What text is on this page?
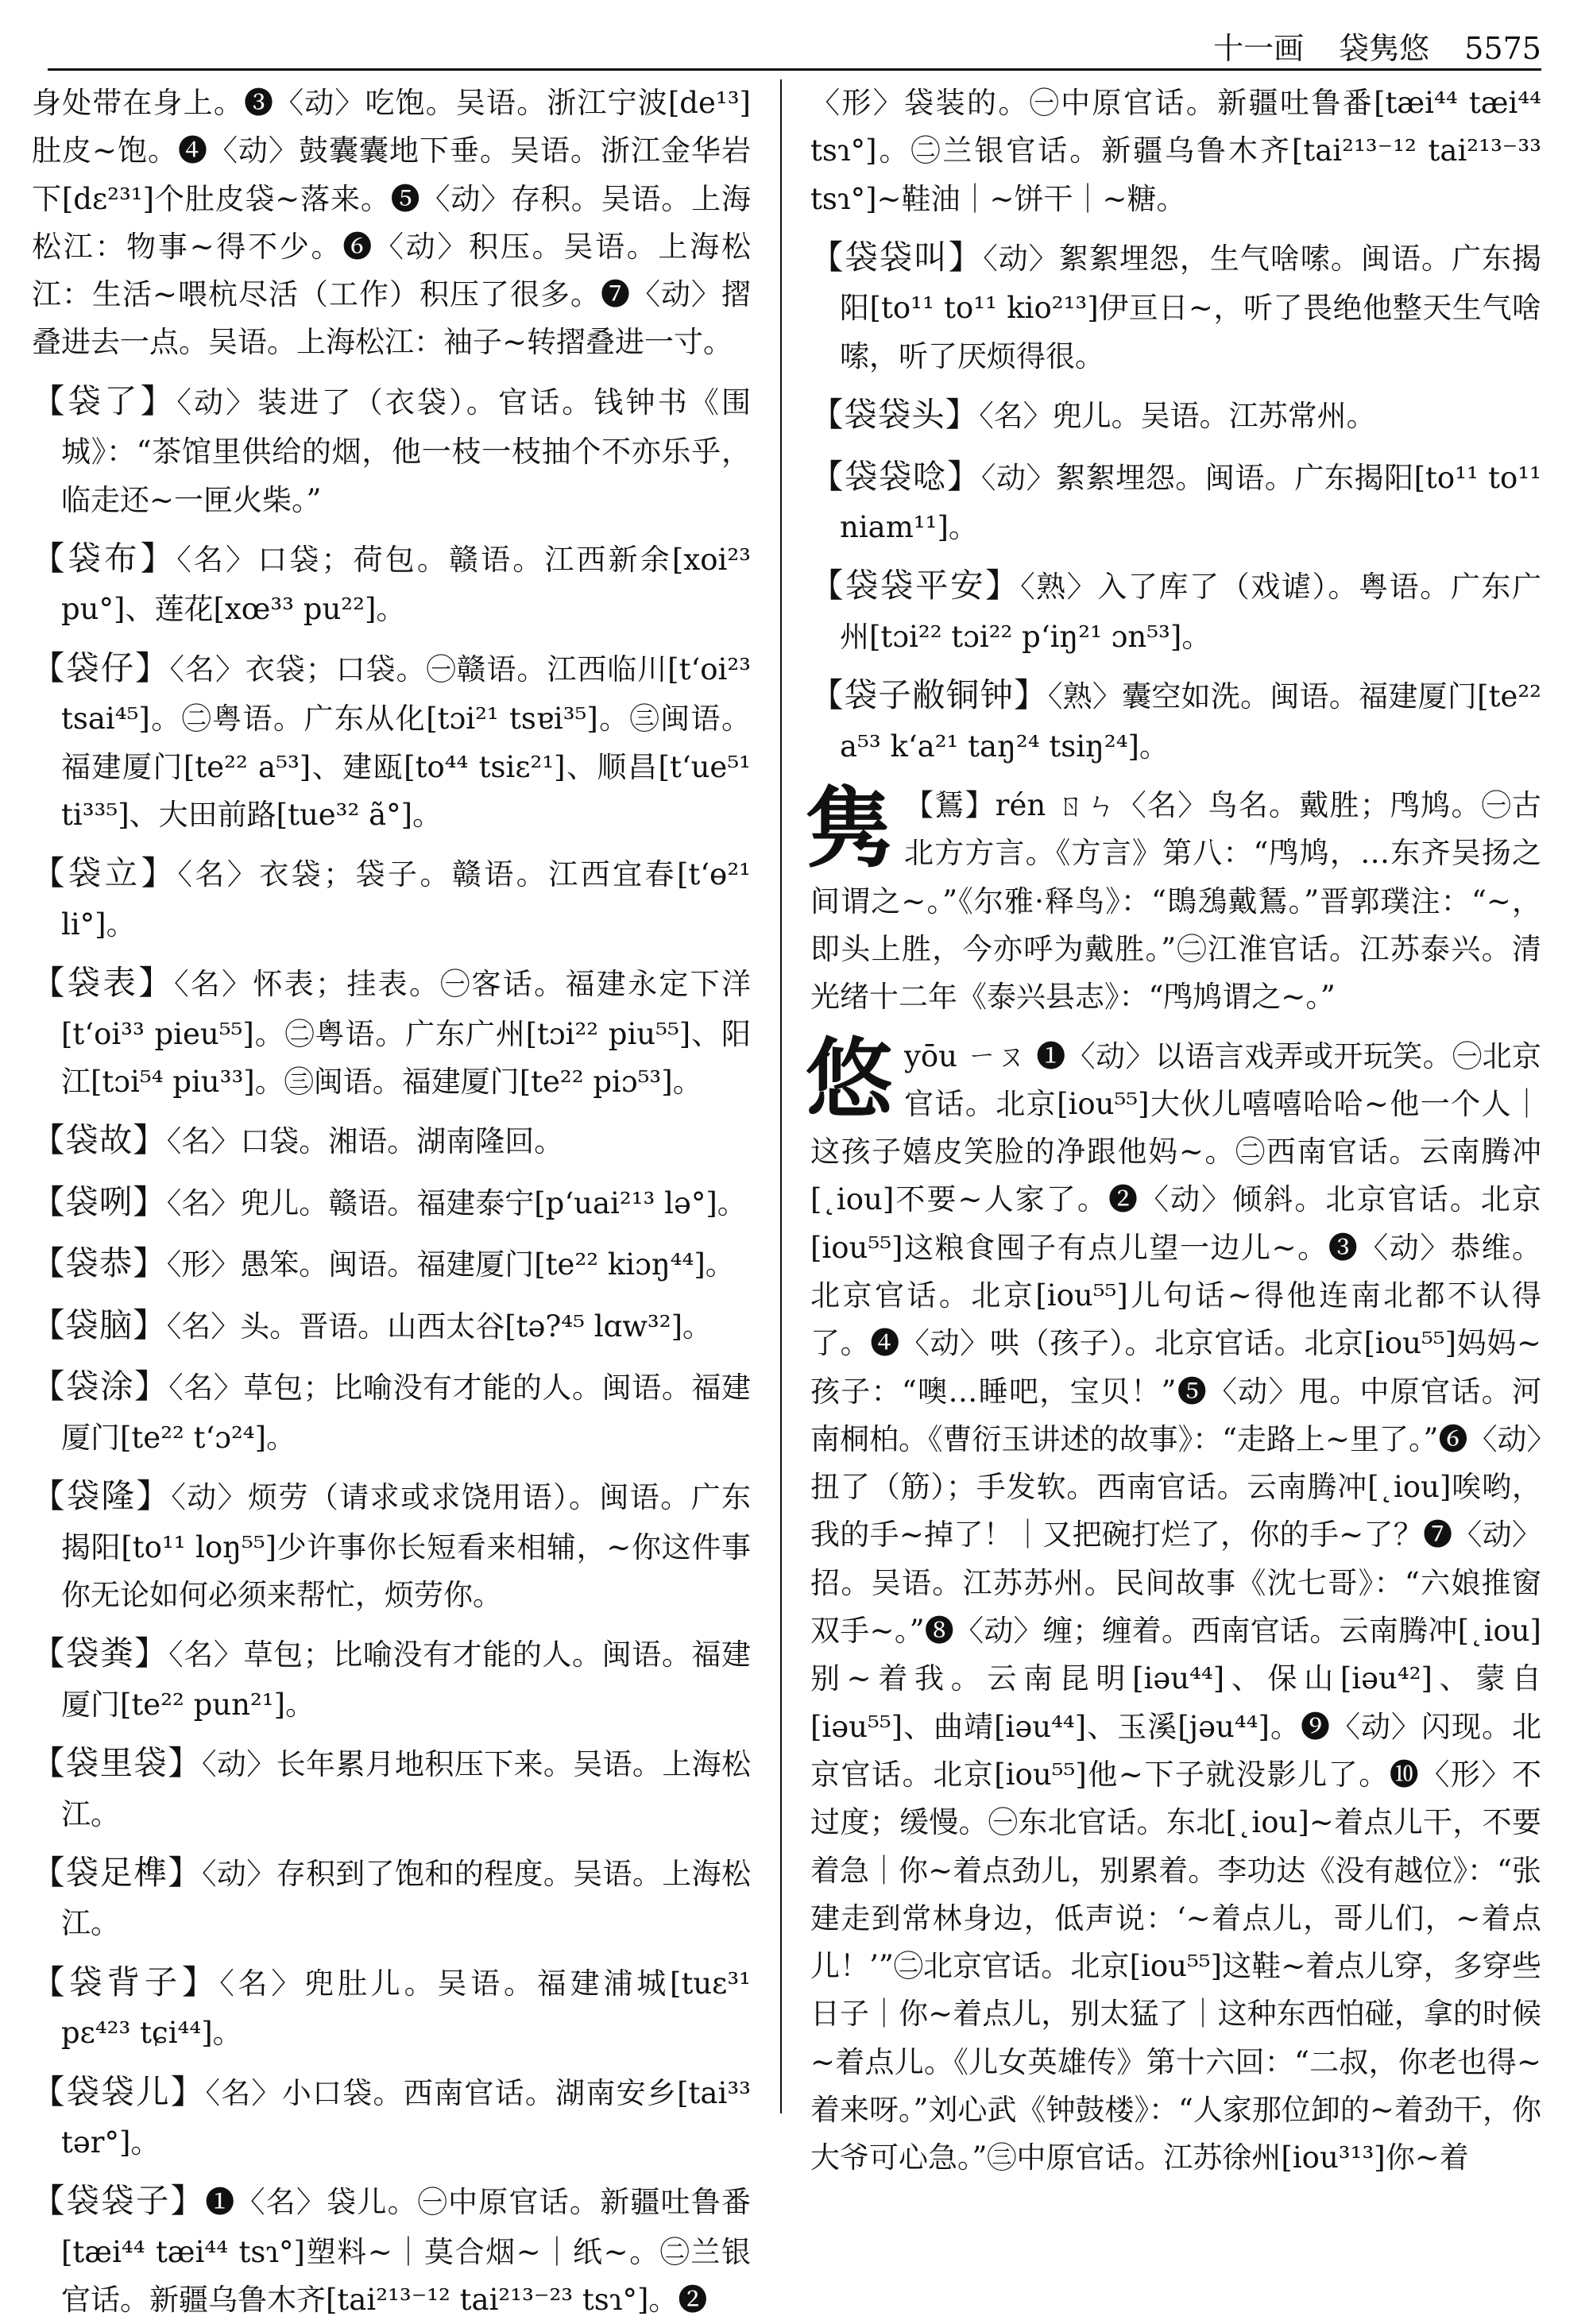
十一画 袋隽悠 5575

身处带在身上。❸〈动〉吃饱。吴语。浙江宁波[de¹³]肚皮~饱。❹〈动〉鼓囊囊地下垂。吴语。浙江金华岩下[dɛ²³¹]个肚皮袋~落来。❺〈动〉存积。吴语。上海松江：物事~得不少。❻〈动〉积压。吴语。上海松江：生活~喂杭尽活（工作）积压了很多。❼〈动〉摺叠进去一点。吴语。上海松江：袖子~转摺叠进一寸。

【袋了】〈动〉装进了（衣袋）。官话。钱钟书《围城》：“茶馆里供给的烟，他一枝一枝抽个不亦乐乎，临走还~一匣火柴。”

【袋布】〈名〉口袋；荷包。赣语。江西新余[xoi²³ pu°]、莲花[xœ³³ pu²²]。

【袋仔】〈名〉衣袋；口袋。㊀赣语。江西临川[t‘oi²³ tsai⁴⁵]。㊁粤语。广东从化[tɔi²¹ tsɐi³⁵]。㊂闽语。福建厦门[te²² a⁵³]、建瓯[to⁴⁴ tsiɛ²¹]、顺昌[t‘ue⁵¹ ti³³⁵]、大田前路[tue³² ã°]。

【袋立】〈名〉衣袋；袋子。赣语。江西宜春[t‘ɵ²¹ li°]。

【袋表】〈名〉怀表；挂表。㊀客话。福建永定下洋[t‘oi³³ pieu⁵⁵]。㊁粤语。广东广州[tɔi²² piu⁵⁵]、阳江[tɔi⁵⁴ piu³³]。㊂闽语。福建厦门[te²² piɔ⁵³]。

【袋故】〈名〉口袋。湘语。湖南隆回。

【袋咧】〈名〉兜儿。赣语。福建泰宁[p‘uai²¹³ lə°]。

【袋恭】〈形〉愚笨。闽语。福建厦门[te²² kiɔŋ⁴⁴]。

【袋脑】〈名〉头。晋语。山西太谷[tə?⁴⁵ lɑw³²]。

【袋涂】〈名〉草包；比喻没有才能的人。闽语。福建厦门[te²² t‘ɔ²⁴]。

【袋隆】〈动〉烦劳（请求或求饶用语）。闽语。广东揭阳[to¹¹ loŋ⁵⁵]少许事你长短看来相辅，~你这件事你无论如何必须来帮忙，烦劳你。

【袋粪】〈名〉草包；比喻没有才能的人。闽语。福建厦门[te²² pun²¹]。

【袋里袋】〈动〉长年累月地积压下来。吴语。上海松江。

【袋足榫】〈动〉存积到了饱和的程度。吴语。上海松江。

【袋背子】〈名〉兜肚儿。吴语。福建浦城[tuɛ³¹ pɛ⁴²³ tɕi⁴⁴]。

【袋袋儿】〈名〉小口袋。西南官话。湖南安乡[tai³³ tər°]。

【袋袋子】❶〈名〉袋儿。㊀中原官话。新疆吐鲁番[tæi⁴⁴ tæi⁴⁴ tsɿ°]塑料~｜莫合烟~｜纸~。㊁兰银官话。新疆乌鲁木齐[tai²¹³⁻¹² tai²¹³⁻²³ tsɿ°]。❷

〈形〉袋装的。㊀中原官话。新疆吐鲁番[tæi⁴⁴ tæi⁴⁴ tsɿ°]。㊁兰银官话。新疆乌鲁木齐[tai²¹³⁻¹² tai²¹³⁻³³ tsɿ°]~鞋油｜~饼干｜~糖。

【袋袋叫】〈动〉絮絮埋怨，生气啥嗦。闽语。广东揭阳[to¹¹ to¹¹ kio²¹³]伊亘日~，听了畏绝他整天生气啥嗦，听了厌烦得很。

【袋袋头】〈名〉兜儿。吴语。江苏常州。

【袋袋唸】〈动〉絮絮埋怨。闽语。广东揭阳[to¹¹ to¹¹ niam¹¹]。

【袋袋平安】〈熟〉入了库了（戏谑）。粤语。广东广州[tɔi²² tɔi²² p‘iŋ²¹ ɔn⁵³]。

【袋子敝铜钟】〈熟〉囊空如洗。闽语。福建厦门[te²² a⁵³ k‘a²¹ taŋ²⁴ tsiŋ²⁴]。

隽 【鵟】rén ㄖㄣ〈名〉鸟名。戴胜；鸤鸠。㊀古北方方言。《方言》第八：“鸤鸠，…东齐吴扬之间谓之~。”《尔雅·释鸟》：“鵖鴔戴鵟。”晋郭璞注：“~，即头上胜，今亦呼为戴胜。”㊁江淮官话。江苏泰兴。清光绪十二年《泰兴县志》：“鸤鸠谓之~。”
悠 yōu ㄧㄡ ❶〈动〉以语言戏弄或开玩笑。㊀北京官话。北京[iou⁵⁵]大伙儿嘻嘻哈哈~他一个人｜这孩子嬉皮笑脸的净跟他妈~。㊁西南官话。云南腾冲[˛iou]不要~人家了。❷〈动〉倾斜。北京官话。北京[iou⁵⁵]这粮食囤子有点儿望一边儿~。❸〈动〉恭维。北京官话。北京[iou⁵⁵]儿句话~得他连南北都不认得了。❹〈动〉哄（孩子）。北京官话。北京[iou⁵⁵]妈妈~孩子：“噢…睡吧，宝贝！”❺〈动〉甩。中原官话。河南桐柏。《曹衍玉讲述的故事》：“走路上~里了。”❻〈动〉扭了（筋）；手发软。西南官话。云南腾冲[˛iou]唉哟，我的手~掉了！｜又把碗打烂了，你的手~了？❼〈动〉招。吴语。江苏苏州。民间故事《沈七哥》：“六娘推窗双手~。”❽〈动〉缠；缠着。西南官话。云南腾冲[˛iou]别~着我。云南昆明[iəu⁴⁴]、保山[iəu⁴²]、蒙自[iəu⁵⁵]、曲靖[iəu⁴⁴]、玉溪[jəu⁴⁴]。❾〈动〉闪现。北京官话。北京[iou⁵⁵]他~下子就没影儿了。❿〈形〉不过度；缓慢。㊀东北官话。东北[˛iou]~着点儿干，不要着急｜你~着点劲儿，别累着。李功达《没有越位》：“张建走到常林身边，低声说：‘~着点儿，哥儿们，~着点儿！’”㊁北京官话。北京[iou⁵⁵]这鞋~着点儿穿，多穿些日子｜你~着点儿，别太猛了｜这种东西怕碰，拿的时候~着点儿。《儿女英雄传》第十六回：“二叔，你老也得~着来呀。”刘心武《钟鼓楼》：“人家那位卸的~着劲干，你大爷可心急。”㊂中原官话。江苏徐州[iou³¹³]你~着
